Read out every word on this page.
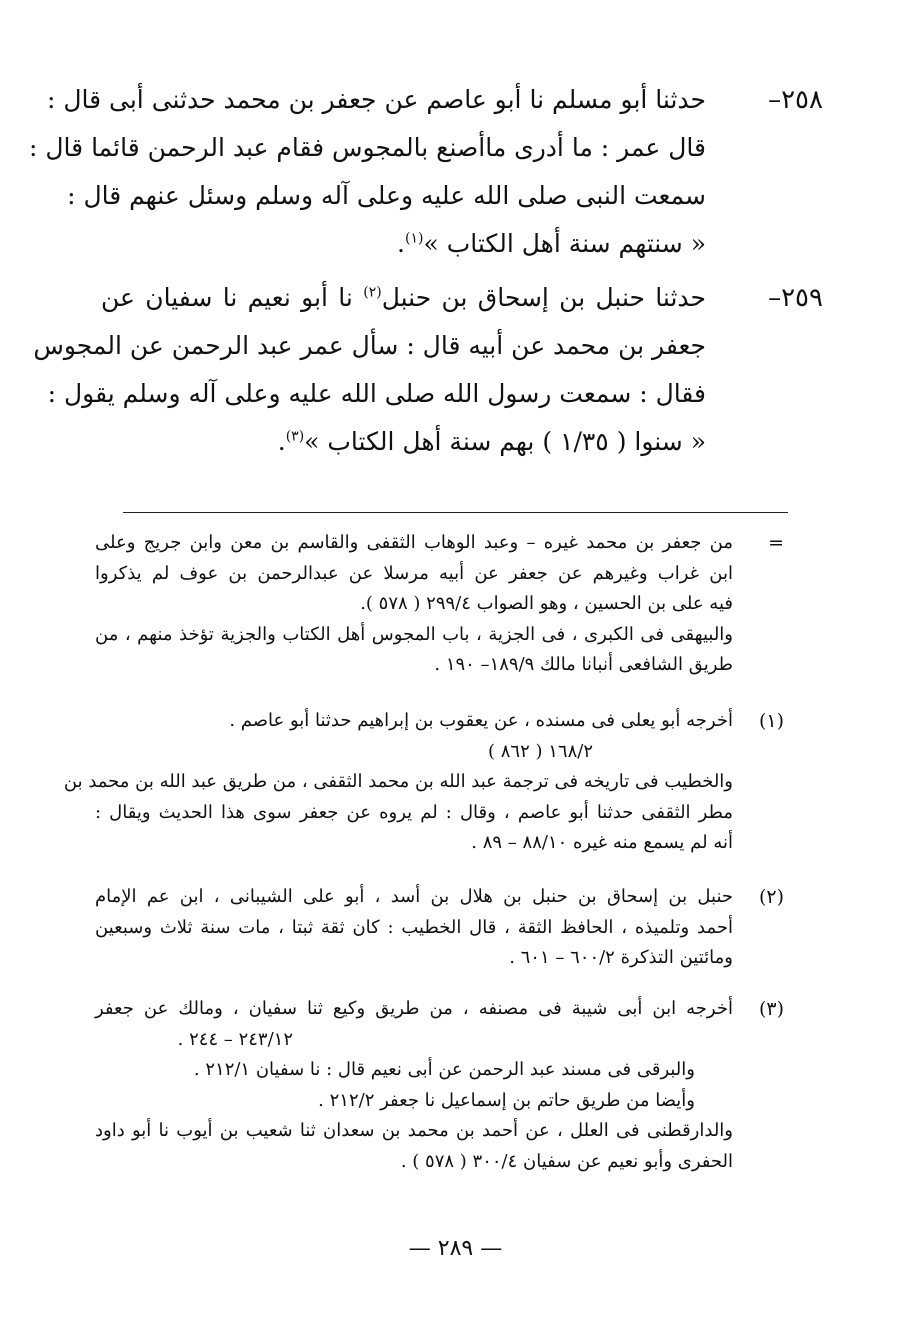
٢٥٨–
حدثنا أبو مسلم نا أبو عاصم عن جعفر بن محمد حدثنى أبى قال :
قال عمر : ما أدرى ماأصنع بالمجوس فقام عبد الرحمن قائما قال :
سمعت النبى صلى الله عليه وعلى آله وسلم وسئل عنهم قال :
« سنتهم سنة أهل الكتاب »$^{(١)}$.
٢٥٩–
حدثنا حنبل بن إسحاق بن حنبل$^{(٢)}$ نا أبو نعيم نا سفيان عن
جعفر بن محمد عن أبيه قال : سأل عمر عبد الرحمن عن المجوس
فقال : سمعت رسول الله صلى الله عليه وعلى آله وسلم يقول :
« سنوا ( ١/٣٥ ) بهم سنة أهل الكتاب »$^{(٣)}$.
=
من جعفر بن محمد غيره – وعبد الوهاب الثقفى والقاسم بن معن وابن جريج وعلى
ابن غراب وغيرهم عن جعفر عن أبيه مرسلا عن عبدالرحمن بن عوف لم يذكروا
فيه على بن الحسين ، وهو الصواب ٢٩٩/٤ ( ٥٧٨ ).
والبيهقى فى الكبرى ، فى الجزية ، باب المجوس أهل الكتاب والجزية تؤخذ منهم ، من
طريق الشافعى أنبانا مالك ١٨٩/٩– ١٩٠ .
(١)
أخرجه أبو يعلى فى مسنده ، عن يعقوب بن إبراهيم حدثنا أبو عاصم .
١٦٨/٢ ( ٨٦٢ )
والخطيب فى تاريخه فى ترجمة عبد الله بن محمد الثقفى ، من طريق عبد الله بن محمد بن
مطر الثقفى حدثنا أبو عاصم ، وقال : لم يروه عن جعفر سوى هذا الحديث ويقال :
أنه لم يسمع منه غيره ٨٨/١٠ – ٨٩ .
(٢)
حنبل بن إسحاق بن حنبل بن هلال بن أسد ، أبو على الشيبانى ، ابن عم الإمام
أحمد وتلميذه ، الحافظ الثقة ، قال الخطيب : كان ثقة ثبتا ، مات سنة ثلاث وسبعين
ومائتين التذكرة ٦٠٠/٢ – ٦٠١ .
(٣)
أخرجه ابن أبى شيبة فى مصنفه ، من طريق وكيع ثنا سفيان ، ومالك عن جعفر
٢٤٣/١٢ – ٢٤٤ .
والبرقى فى مسند عبد الرحمن عن أبى نعيم قال : نا سفيان ٢١٢/١ .
وأيضا من طريق حاتم بن إسماعيل نا جعفر ٢١٢/٢ .
والدارقطنى فى العلل ، عن أحمد بن محمد بن سعدان ثنا شعيب بن أيوب نا أبو داود
الحفرى وأبو نعيم عن سفيان ٣٠٠/٤ ( ٥٧٨ ) .
— ٢٨٩ —
